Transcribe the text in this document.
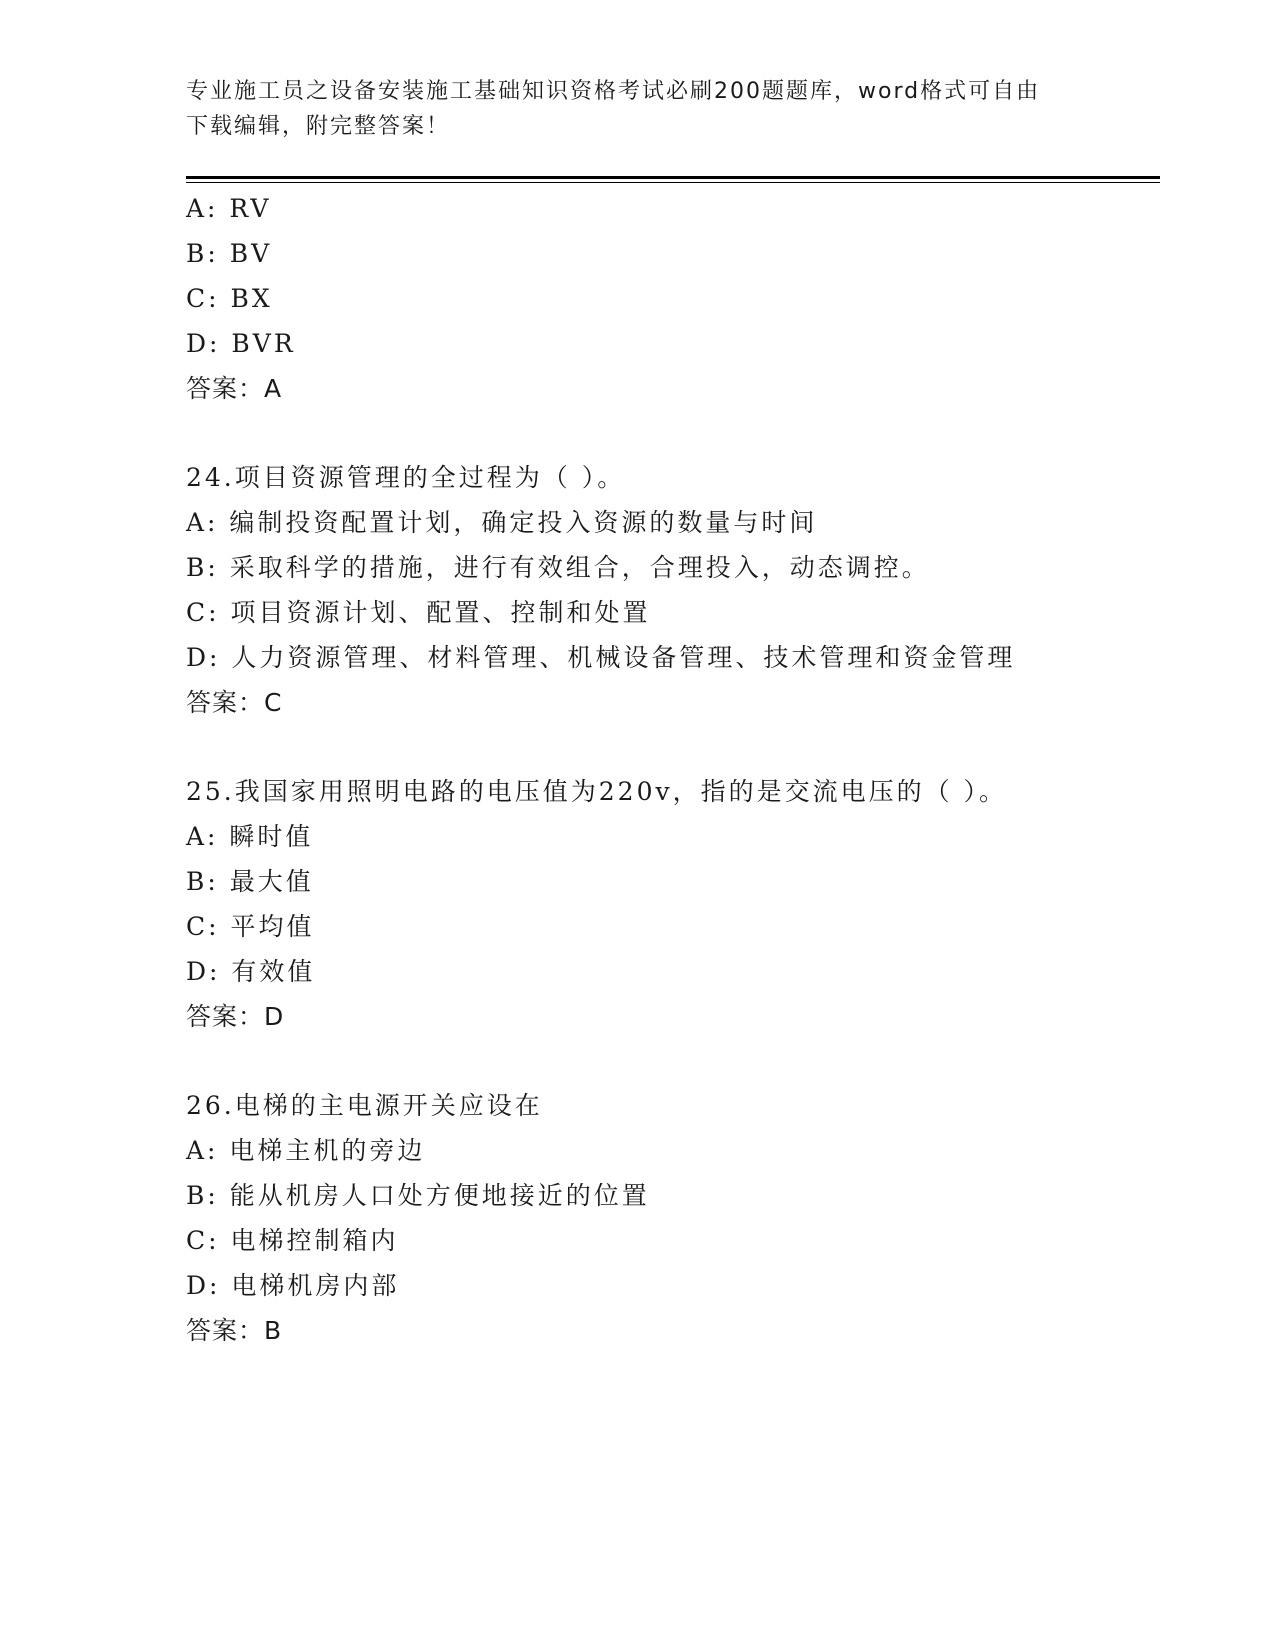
专业施工员之设备安装施工基础知识资格考试必刷200题题库，word格式可自由
下载编辑，附完整答案！
A: RV
B: BV
C: BX
D: BVR
答案：A
24.项目资源管理的全过程为（ ）。
A: 编制投资配置计划，确定投入资源的数量与时间
B: 采取科学的措施，进行有效组合，合理投入，动态调控。
C: 项目资源计划、配置、控制和处置
D: 人力资源管理、材料管理、机械设备管理、技术管理和资金管理
答案：C
25.我国家用照明电路的电压值为220v，指的是交流电压的（ ）。
A: 瞬时值
B: 最大值
C: 平均值
D: 有效值
答案：D
26.电梯的主电源开关应设在
A: 电梯主机的旁边
B: 能从机房人口处方便地接近的位置
C: 电梯控制箱内
D: 电梯机房内部
答案：B
